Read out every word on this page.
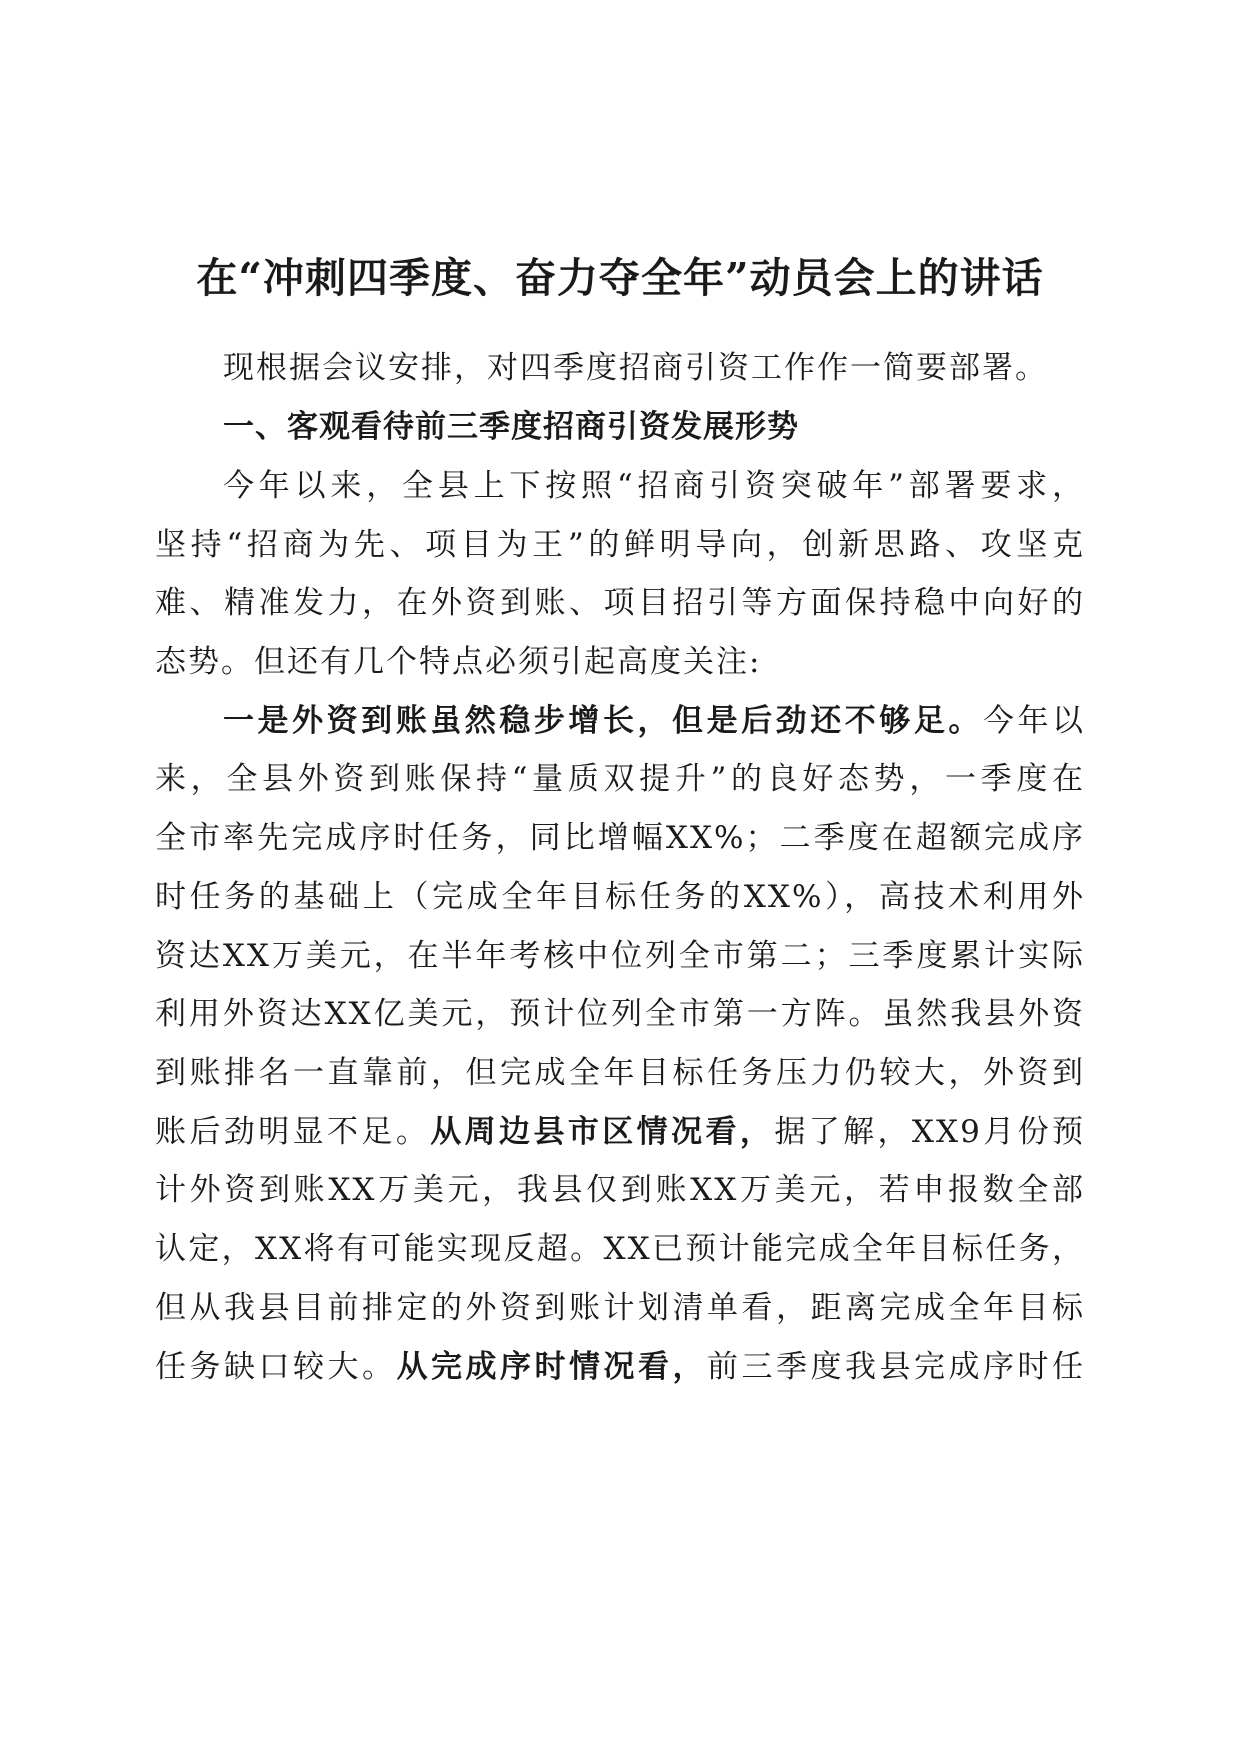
在“冲刺四季度、奋力夺全年”动员会上的讲话
现根据会议安排，对四季度招商引资工作作一简要部署。
一、客观看待前三季度招商引资发展形势
今年以来，全县上下按照“招商引资突破年”部署要求，
坚持“招商为先、项目为王”的鲜明导向，创新思路、攻坚克
难、精准发力，在外资到账、项目招引等方面保持稳中向好的
态势。但还有几个特点必须引起高度关注:
一是外资到账虽然稳步增长，但是后劲还不够足。今年以
来，全县外资到账保持“量质双提升”的良好态势，一季度在
全市率先完成序时任务，同比增幅XX%；二季度在超额完成序
时任务的基础上（完成全年目标任务的XX%），高技术利用外
资达XX万美元，在半年考核中位列全市第二；三季度累计实际
利用外资达XX亿美元，预计位列全市第一方阵。虽然我县外资
到账排名一直靠前，但完成全年目标任务压力仍较大，外资到
账后劲明显不足。从周边县市区情况看，据了解，XX9月份预
计外资到账XX万美元，我县仅到账XX万美元，若申报数全部
认定，XX将有可能实现反超。XX已预计能完成全年目标任务，
但从我县目前排定的外资到账计划清单看，距离完成全年目标
任务缺口较大。从完成序时情况看，前三季度我县完成序时任
